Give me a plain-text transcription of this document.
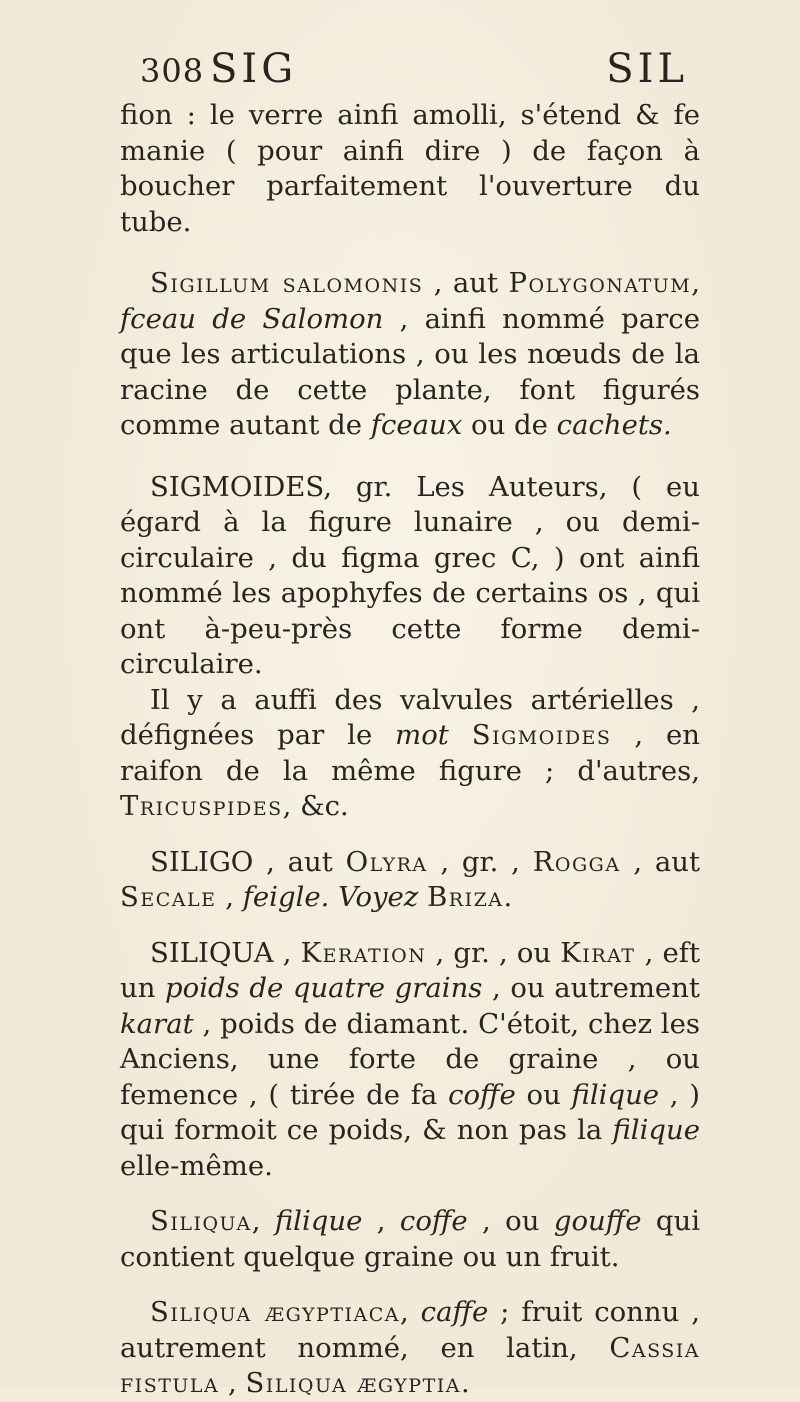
308 SIG	SIL

fion : le verre ainfi amolli, s'étend & fe manie ( pour ainfi dire ) de façon à boucher parfaitement l'ouverture du tube.

Sigillum salomonis , aut Polygonatum, fceau de Salomon , ainfi nommé parce que les articulations , ou les nœuds de la racine de cette plante, font figurés comme autant de fceaux ou de cachets.

SIGMOIDES, gr. Les Auteurs, ( eu égard à la figure lunaire , ou demi-circulaire , du figma grec C, ) ont ainfi nommé les apophyfes de certains os , qui ont à-peu-près cette forme demi-circulaire.

Il y a auffi des valvules artérielles , défignées par le mot Sigmoides , en raifon de la même figure ; d'autres, Tricuspides, &c.

SILIGO , aut Olyra , gr. , Rogga , aut Secale , feigle. Voyez Briza.

SILIQUA , Keration , gr. , ou Kirat , eft un poids de quatre grains , ou autrement karat , poids de diamant. C'étoit, chez les Anciens, une forte de graine , ou femence , ( tirée de fa coffe ou filique , ) qui formoit ce poids, & non pas la filique elle-même.

Siliqua, filique , coffe , ou gouffe qui contient quelque graine ou un fruit.

Siliqua ægyptiaca, caffe ; fruit connu , autrement nommé, en latin, Cassia fistula , Siliqua ægyptia.
